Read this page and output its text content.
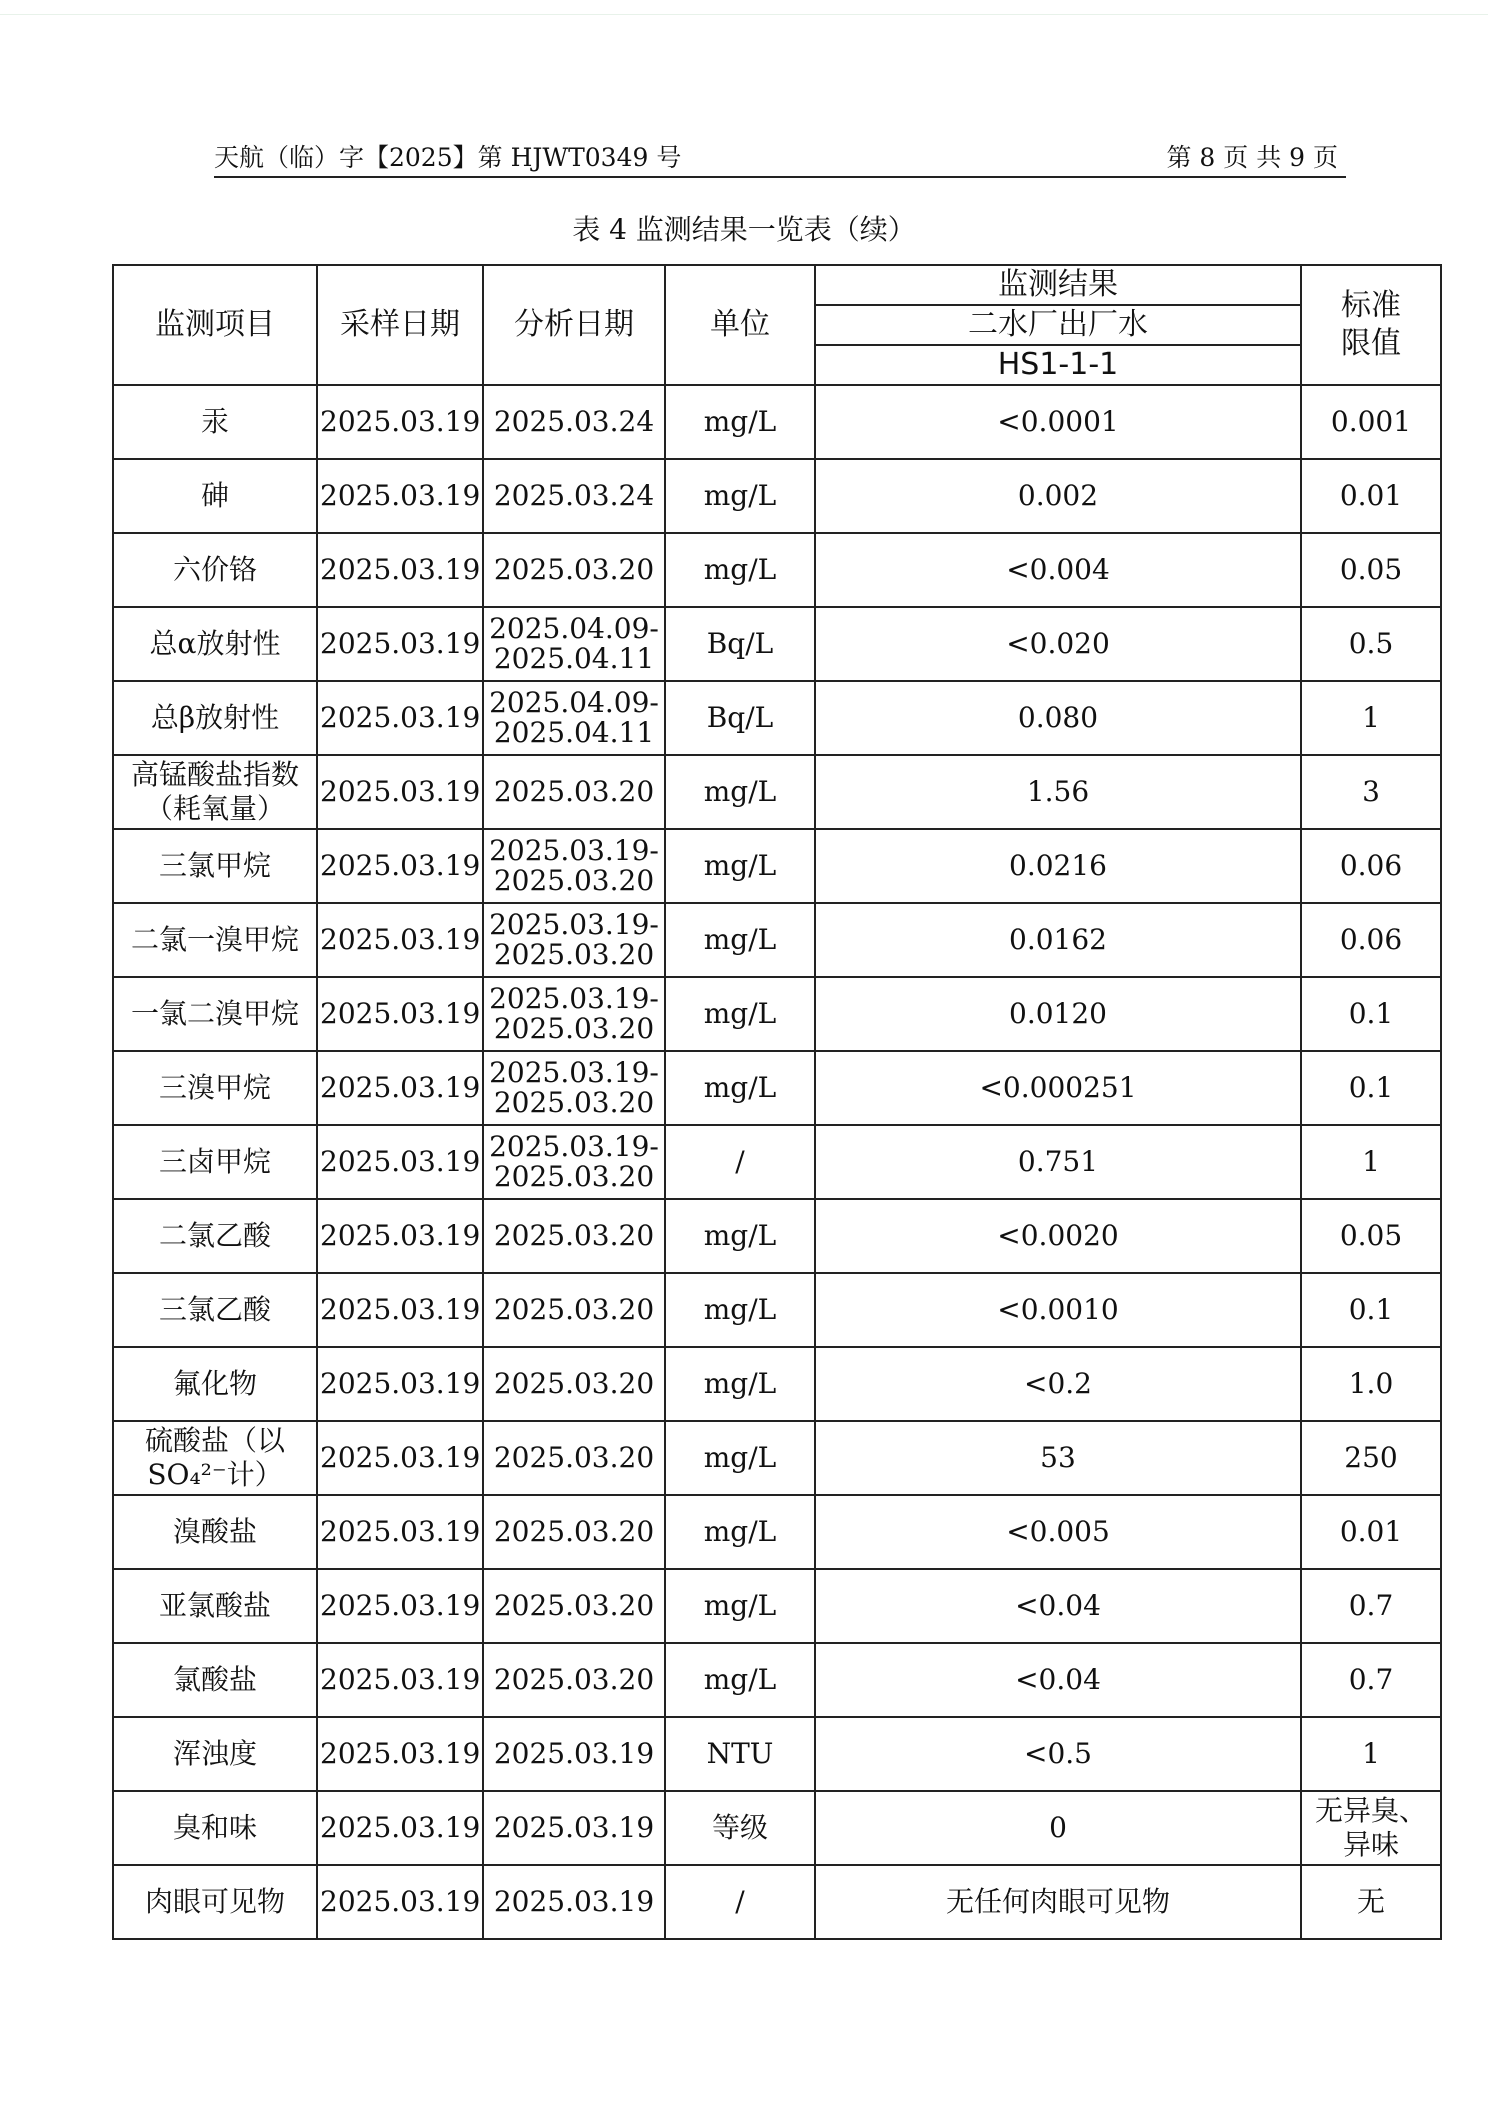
天航（临）字【2025】第 HJWT0349 号	第 8 页 共 9 页
表 4 监测结果一览表（续）
监测项目	采样日期	分析日期	单位	监测结果	标准限值

				二水厂出厂水	
				HS1-1-1	
汞	2025.03.19	2025.03.24	mg/L	<0.0001	0.001
砷	2025.03.19	2025.03.24	mg/L	0.002	0.01
六价铬	2025.03.19	2025.03.20	mg/L	<0.004	0.05
总α放射性	2025.03.19	2025.04.09-2025.04.11	Bq/L	<0.020	0.5
总β放射性	2025.03.19	2025.04.09-2025.04.11	Bq/L	0.080	1
高锰酸盐指数（耗氧量）	2025.03.19	2025.03.20	mg/L	1.56	3
三氯甲烷	2025.03.19	2025.03.19-2025.03.20	mg/L	0.0216	0.06
二氯一溴甲烷	2025.03.19	2025.03.19-2025.03.20	mg/L	0.0162	0.06
一氯二溴甲烷	2025.03.19	2025.03.19-2025.03.20	mg/L	0.0120	0.1
三溴甲烷	2025.03.19	2025.03.19-2025.03.20	mg/L	<0.000251	0.1
三卤甲烷	2025.03.19	2025.03.19-2025.03.20	/	0.751	1
二氯乙酸	2025.03.19	2025.03.20	mg/L	<0.0020	0.05
三氯乙酸	2025.03.19	2025.03.20	mg/L	<0.0010	0.1
氟化物	2025.03.19	2025.03.20	mg/L	<0.2	1.0
硫酸盐（以SO₄²⁻计）	2025.03.19	2025.03.20	mg/L	53	250
溴酸盐	2025.03.19	2025.03.20	mg/L	<0.005	0.01
亚氯酸盐	2025.03.19	2025.03.20	mg/L	<0.04	0.7
氯酸盐	2025.03.19	2025.03.20	mg/L	<0.04	0.7
浑浊度	2025.03.19	2025.03.19	NTU	<0.5	1
臭和味	2025.03.19	2025.03.19	等级	0	无异臭、异味
肉眼可见物	2025.03.19	2025.03.19	/	无任何肉眼可见物	无
